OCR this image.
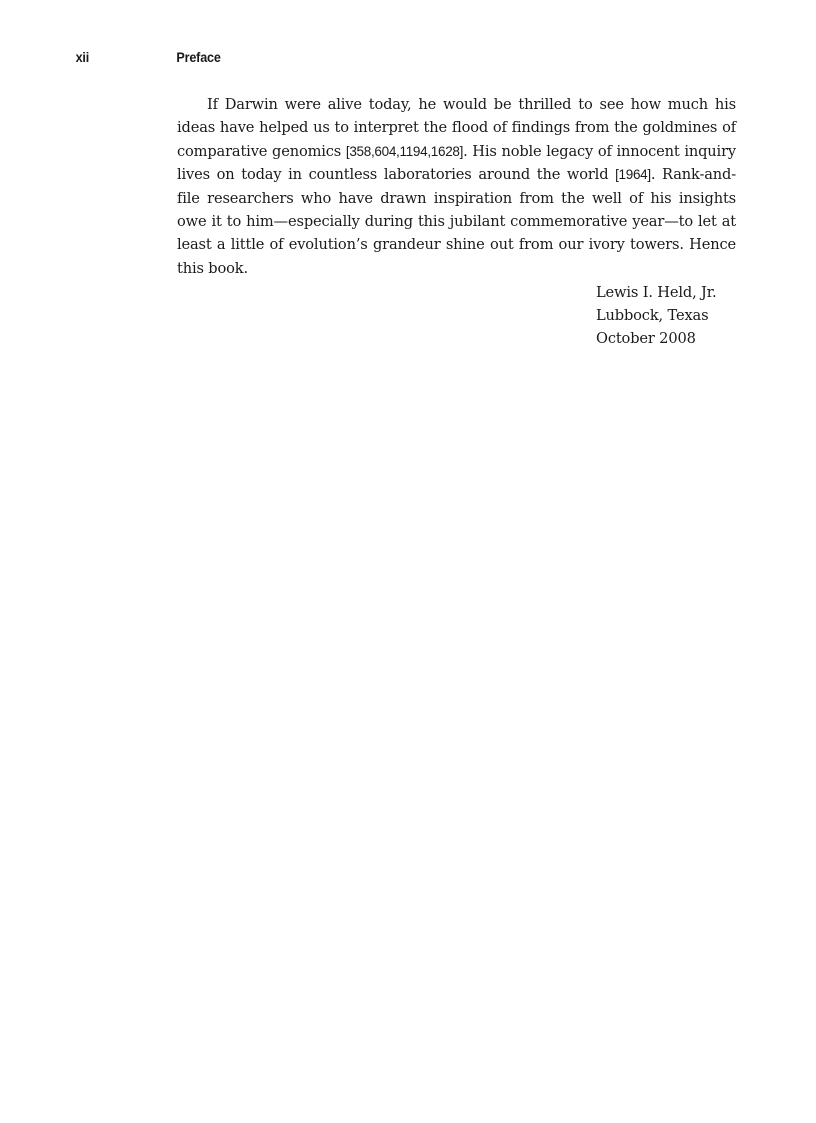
xii	Preface

If Darwin were alive today, he would be thrilled to see how much his ideas have helped us to interpret the flood of findings from the goldmines of comparative genomics [358,604,1194,1628]. His noble legacy of innocent inquiry lives on today in countless laboratories around the world [1964]. Rank-and-file researchers who have drawn inspiration from the well of his insights owe it to him—especially during this jubilant commemorative year—to let at least a little of evolution’s grandeur shine out from our ivory towers. Hence this book.

Lewis I. Held, Jr.
Lubbock, Texas
October 2008
